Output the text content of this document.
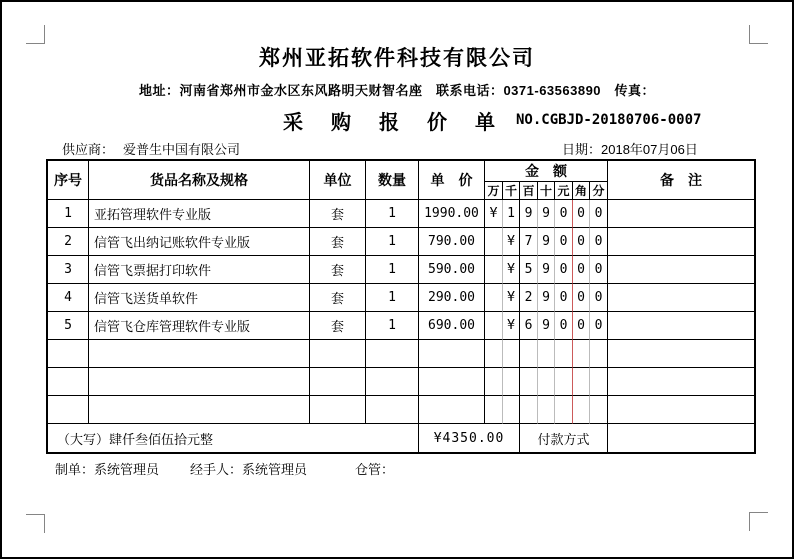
郑州亚拓软件科技有限公司
地址：河南省郑州市金水区东风路明天财智名座　联系电话：0371-63563890　传真：
采　购　报　价　单 NO.CGBJD-20180706-0007
供应商： 爱普生中国有限公司	日期：2018年07月06日
序号	货品名称及规格	单位	数量	单　价	金　额							备　注
					万	千	百	十	元	角	分	
1	亚拓管理软件专业版	套	1	1990.00	¥	1	9	9	0	0	0	
2	信管飞出纳记账软件专业版	套	1	790.00		¥	7	9	0	0	0	
3	信管飞票据打印软件	套	1	590.00		¥	5	9	0	0	0	
4	信管飞送货单软件	套	1	290.00		¥	2	9	0	0	0	
5	信管飞仓库管理软件专业版	套	1	690.00		¥	6	9	0	0	0	

（大写）肆仟叁佰伍拾元整				¥4350.00			付款方式					
制单：系统管理员 经手人：系统管理员	仓管：
